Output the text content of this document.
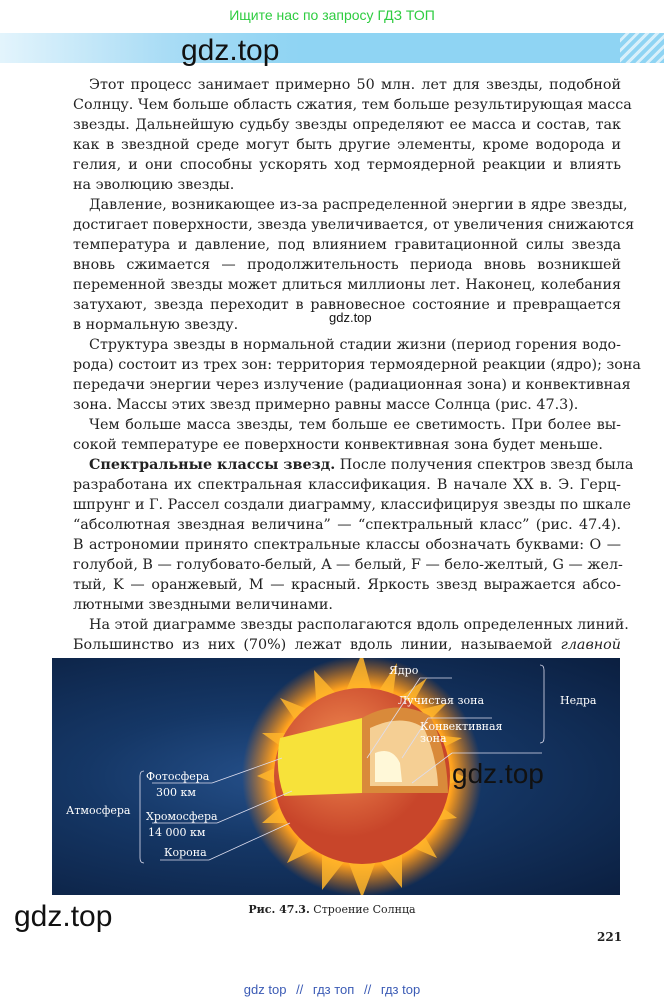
Ищите нас по запросу ГДЗ ТОП
gdz.top
Этот процесс занимает примерно 50 млн. лет для звезды, подобной
Солнцу. Чем больше область сжатия, тем больше результирующая масса
звезды. Дальнейшую судьбу звезды определяют ее масса и состав, так
как в звездной среде могут быть другие элементы, кроме водорода и
гелия, и они способны ускорять ход термоядерной реакции и влиять
на эволюцию звезды.
Давление, возникающее из-за распределенной энергии в ядре звезды,
достигает поверхности, звезда увеличивается, от увеличения снижаются
температура и давление, под влиянием гравитационной силы звезда
вновь сжимается — продолжительность периода вновь возникшей
переменной звезды может длиться миллионы лет. Наконец, колебания
затухают, звезда переходит в равновесное состояние и превращается
в нормальную звезду.
Структура звезды в нормальной стадии жизни (период горения водо-
рода) состоит из трех зон: территория термоядерной реакции (ядро); зона
передачи энергии через излучение (радиационная зона) и конвективная
зона. Массы этих звезд примерно равны массе Солнца (рис. 47.3).
Чем больше масса звезды, тем больше ее светимость. При более вы-
сокой температуре ее поверхности конвективная зона будет меньше.
Спектральные классы звезд. После получения спектров звезд была
разработана их спектральная классификация. В начале XX в. Э. Герц-
шпрунг и Г. Рассел создали диаграмму, классифицируя звезды по шкале
“абсолютная звездная величина” — “спектральный класс” (рис. 47.4).
В астрономии принято спектральные классы обозначать буквами: O —
голубой, B — голубовато-белый, A — белый, F — бело-желтый, G — жел-
тый, K — оранжевый, M — красный. Яркость звезд выражается абсо-
лютными звездными величинами.
На этой диаграмме звезды располагаются вдоль определенных линий.
Большинство из них (70%) лежат вдоль линии, называемой главной
gdz.top
Ядро
Лучистая зона
Конвективная
зона
Недра
Фотосфера
300 км
Хромосфера
14 000 км
Корона
Атмосфера
gdz.top
Рис. 47.3. Строение Солнца
gdz.top
221
gdz top // гдз топ // гдз top
